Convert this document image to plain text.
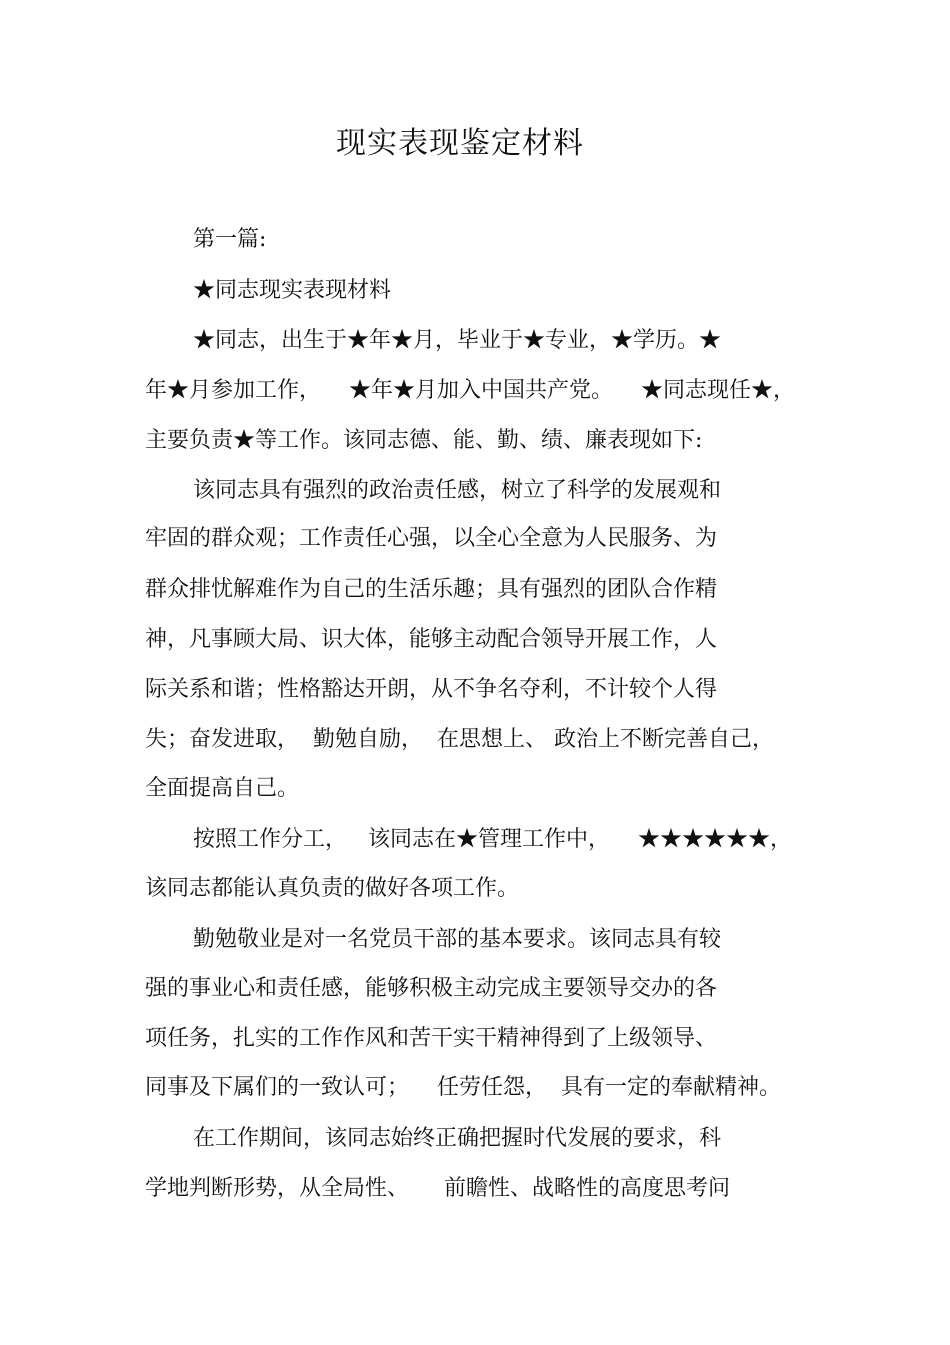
现实表现鉴定材料
第一篇:
★同志现实表现材料
★同志，出生于★年★月，毕业于★专业，★学历。★
年★月参加工作，    ★年★月加入中国共产党。    ★同志现任★，
主要负责★等工作。该同志德、能、勤、绩、廉表现如下:
该同志具有强烈的政治责任感，树立了科学的发展观和
牢固的群众观；工作责任心强，以全心全意为人民服务、为
群众排忧解难作为自己的生活乐趣；具有强烈的团队合作精
神，凡事顾大局、识大体，能够主动配合领导开展工作，人
际关系和谐；性格豁达开朗，从不争名夺利，不计较个人得
失；奋发进取，  勤勉自励，  在思想上、 政治上不断完善自己，
全面提高自己。
按照工作分工，   该同志在★管理工作中，    ★★★★★★，
该同志都能认真负责的做好各项工作。
勤勉敬业是对一名党员干部的基本要求。该同志具有较
强的事业心和责任感，能够积极主动完成主要领导交办的各
项任务，扎实的工作作风和苦干实干精神得到了上级领导、
同事及下属们的一致认可；    任劳任怨，  具有一定的奉献精神。
在工作期间，该同志始终正确把握时代发展的要求，科
学地判断形势，从全局性、     前瞻性、战略性的高度思考问
